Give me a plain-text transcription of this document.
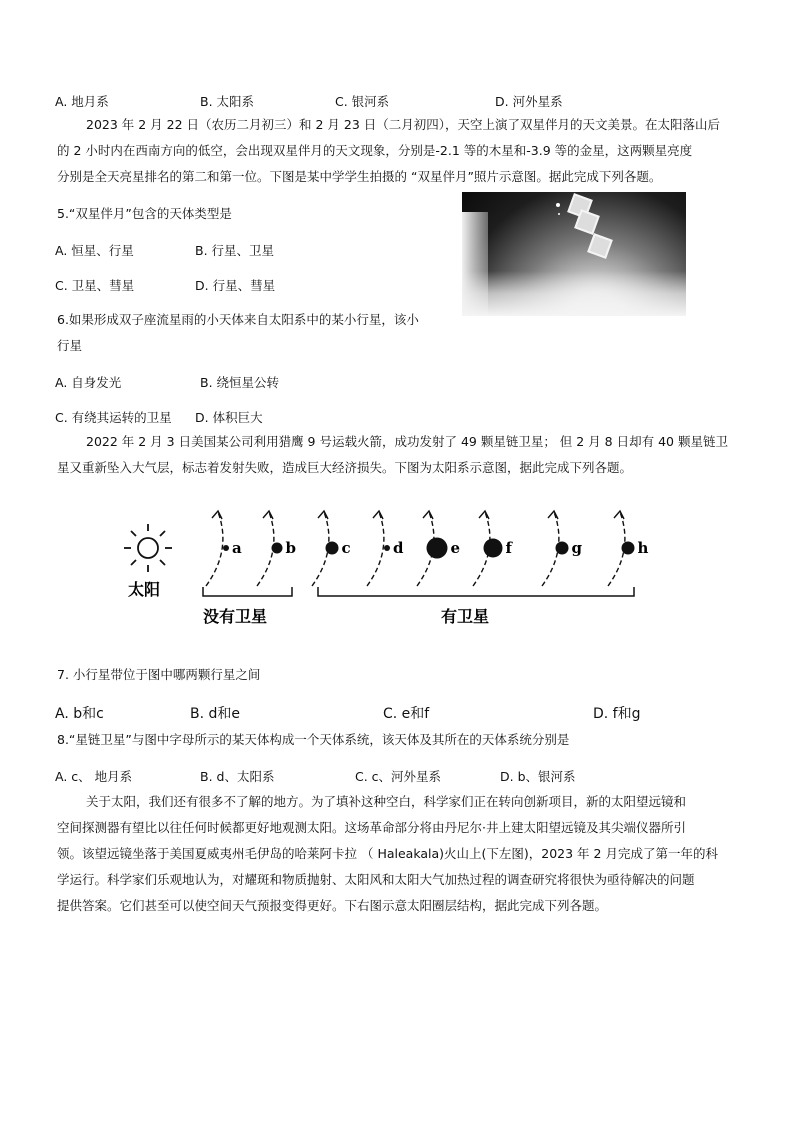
A. 地月系	B. 太阳系	C. 银河系	D. 河外星系
2023 年 2 月 22 日（农历二月初三）和 2 月 23 日（二月初四），天空上演了双星伴月的天文美景。在太阳落山后
的 2 小时内在西南方向的低空，会出现双星伴月的天文现象，分别是-2.1 等的木星和-3.9 等的金星，这两颗星亮度
分别是全天亮星排名的第二和第一位。下图是某中学学生拍摄的 “双星伴月”照片示意图。据此完成下列各题。
5.“双星伴月”包含的天体类型是
A. 恒星、行星	B. 行星、卫星
C. 卫星、彗星	D. 行星、彗星
6.如果形成双子座流星雨的小天体来自太阳系中的某小行星，该小
行星
A. 自身发光	B. 绕恒星公转
C. 有绕其运转的卫星 D. 体积巨大
2022 年 2 月 3 日美国某公司利用猎鹰 9 号运载火箭，成功发射了 49 颗星链卫星； 但 2 月 8 日却有 40 颗星链卫
星又重新坠入大气层，标志着发射失败，造成巨大经济损失。下图为太阳系示意图，据此完成下列各题。
太阳
a	b	c	d	e	f	g	h
没有卫星	有卫星
7. 小行星带位于图中哪两颗行星之间
A. b和c	B. d和e	C. e和f	D. f和g
8.“星链卫星”与图中字母所示的某天体构成一个天体系统，该天体及其所在的天体系统分别是
A. c、 地月系	B. d、太阳系	C. c、河外星系	D. b、银河系
关于太阳，我们还有很多不了解的地方。为了填补这种空白，科学家们正在转向创新项目，新的太阳望远镜和
空间探测器有望比以往任何时候都更好地观测太阳。这场革命部分将由丹尼尔·井上建太阳望远镜及其尖端仪器所引
领。该望远镜坐落于美国夏威夷州毛伊岛的哈莱阿卡拉 （ Haleakala)火山上(下左图)，2023 年 2 月完成了第一年的科
学运行。科学家们乐观地认为，对耀斑和物质抛射、太阳风和太阳大气加热过程的调查研究将很快为亟待解决的问题
提供答案。它们甚至可以使空间天气预报变得更好。下右图示意太阳圈层结构，据此完成下列各题。
